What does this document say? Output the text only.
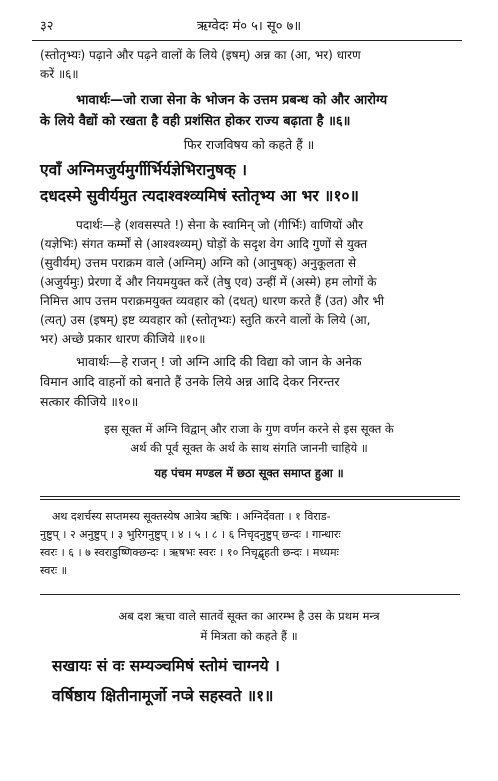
३२	ऋग्वेदः मं० ५। सू० ७॥
(स्तोतृभ्यः) पढ़ाने और पढ़ने वालों के लिये (इषम्) अन्न का (आ, भर) धारण
करें ॥६॥
भावार्थः—जो राजा सेना के भोजन के उत्तम प्रबन्ध को और आरोग्य
के लिये वैद्यों को रखता है वही प्रशंसित होकर राज्य बढ़ाता है ॥६॥
फिर राजविषय को कहते हैं ॥
एवाँ अग्निमजुर्यमुर्गीर्भिर्यज्ञेभिरानुषक् ।
दधदस्मे सुवीर्यमुत त्यदाश्वश्व्यमिषं स्तोतृभ्य आ भर ॥१०॥
पदार्थः—हे (शवसस्पते !) सेना के स्वामिन् जो (गीर्भिः) वाणियों और
(यज्ञेभिः) संगत कर्म्मों से (आश्वश्व्यम्) घोड़ों के सदृश वेग आदि गुणों से युक्त
(सुवीर्यम्) उत्तम पराक्रम वाले (अग्निम्) अग्नि को (आनुषक्) अनुकूलता से
(अजुर्यमुः) प्रेरणा दें और नियमयुक्त करें (तेषु एव) उन्हीं में (अस्मे) हम लोगों के
निमित्त आप उत्तम पराक्रमयुक्त व्यवहार को (दधत्) धारण करते हैं (उत) और भी
(त्यत्) उस (इषम्) इष्ट व्यवहार को (स्तोतृभ्यः) स्तुति करने वालों के लिये (आ,
भर) अच्छे प्रकार धारण कीजिये ॥१०॥
भावार्थः—हे राजन् ! जो अग्नि आदि की विद्या को जान के अनेक
विमान आदि वाहनों को बनाते हैं उनके लिये अन्न आदि देकर निरन्तर
सत्कार कीजिये ॥१०॥
इस सूक्त में अग्नि विद्वान् और राजा के गुण वर्णन करने से इस सूक्त के
अर्थ की पूर्व सूक्त के अर्थ के साथ संगति जाननी चाहिये ॥
यह पंचम मण्डल में छठा सूक्त समाप्त हुआ ॥
अथ दशर्चस्य सप्तमस्य सूक्तस्येष आत्रेय ऋषिः । अग्निर्देवता । १ विराड-
नुष्टुप् । २ अनुष्टुप् । ३ भुरिगनुष्टुप् । ४ । ५ । ८ । ६ निचृदनुष्टुप् छन्दः । गान्धारः
स्वरः । ६ । ७ स्वराडुष्णिक्छन्दः । ऋषभः स्वरः । १० निचृद्बृहती छन्दः । मध्यमः
स्वरः ॥
अब दश ऋचा वाले सातवें सूक्त का आरम्भ है उस के प्रथम मन्त्र
में मित्रता को कहते हैं ॥
सखायः सं वः सम्यञ्चमिषं स्तोमं चाग्नये ।
वर्षिष्ठाय क्षितीनामूर्जो नप्त्रे सहस्वते ॥१॥
